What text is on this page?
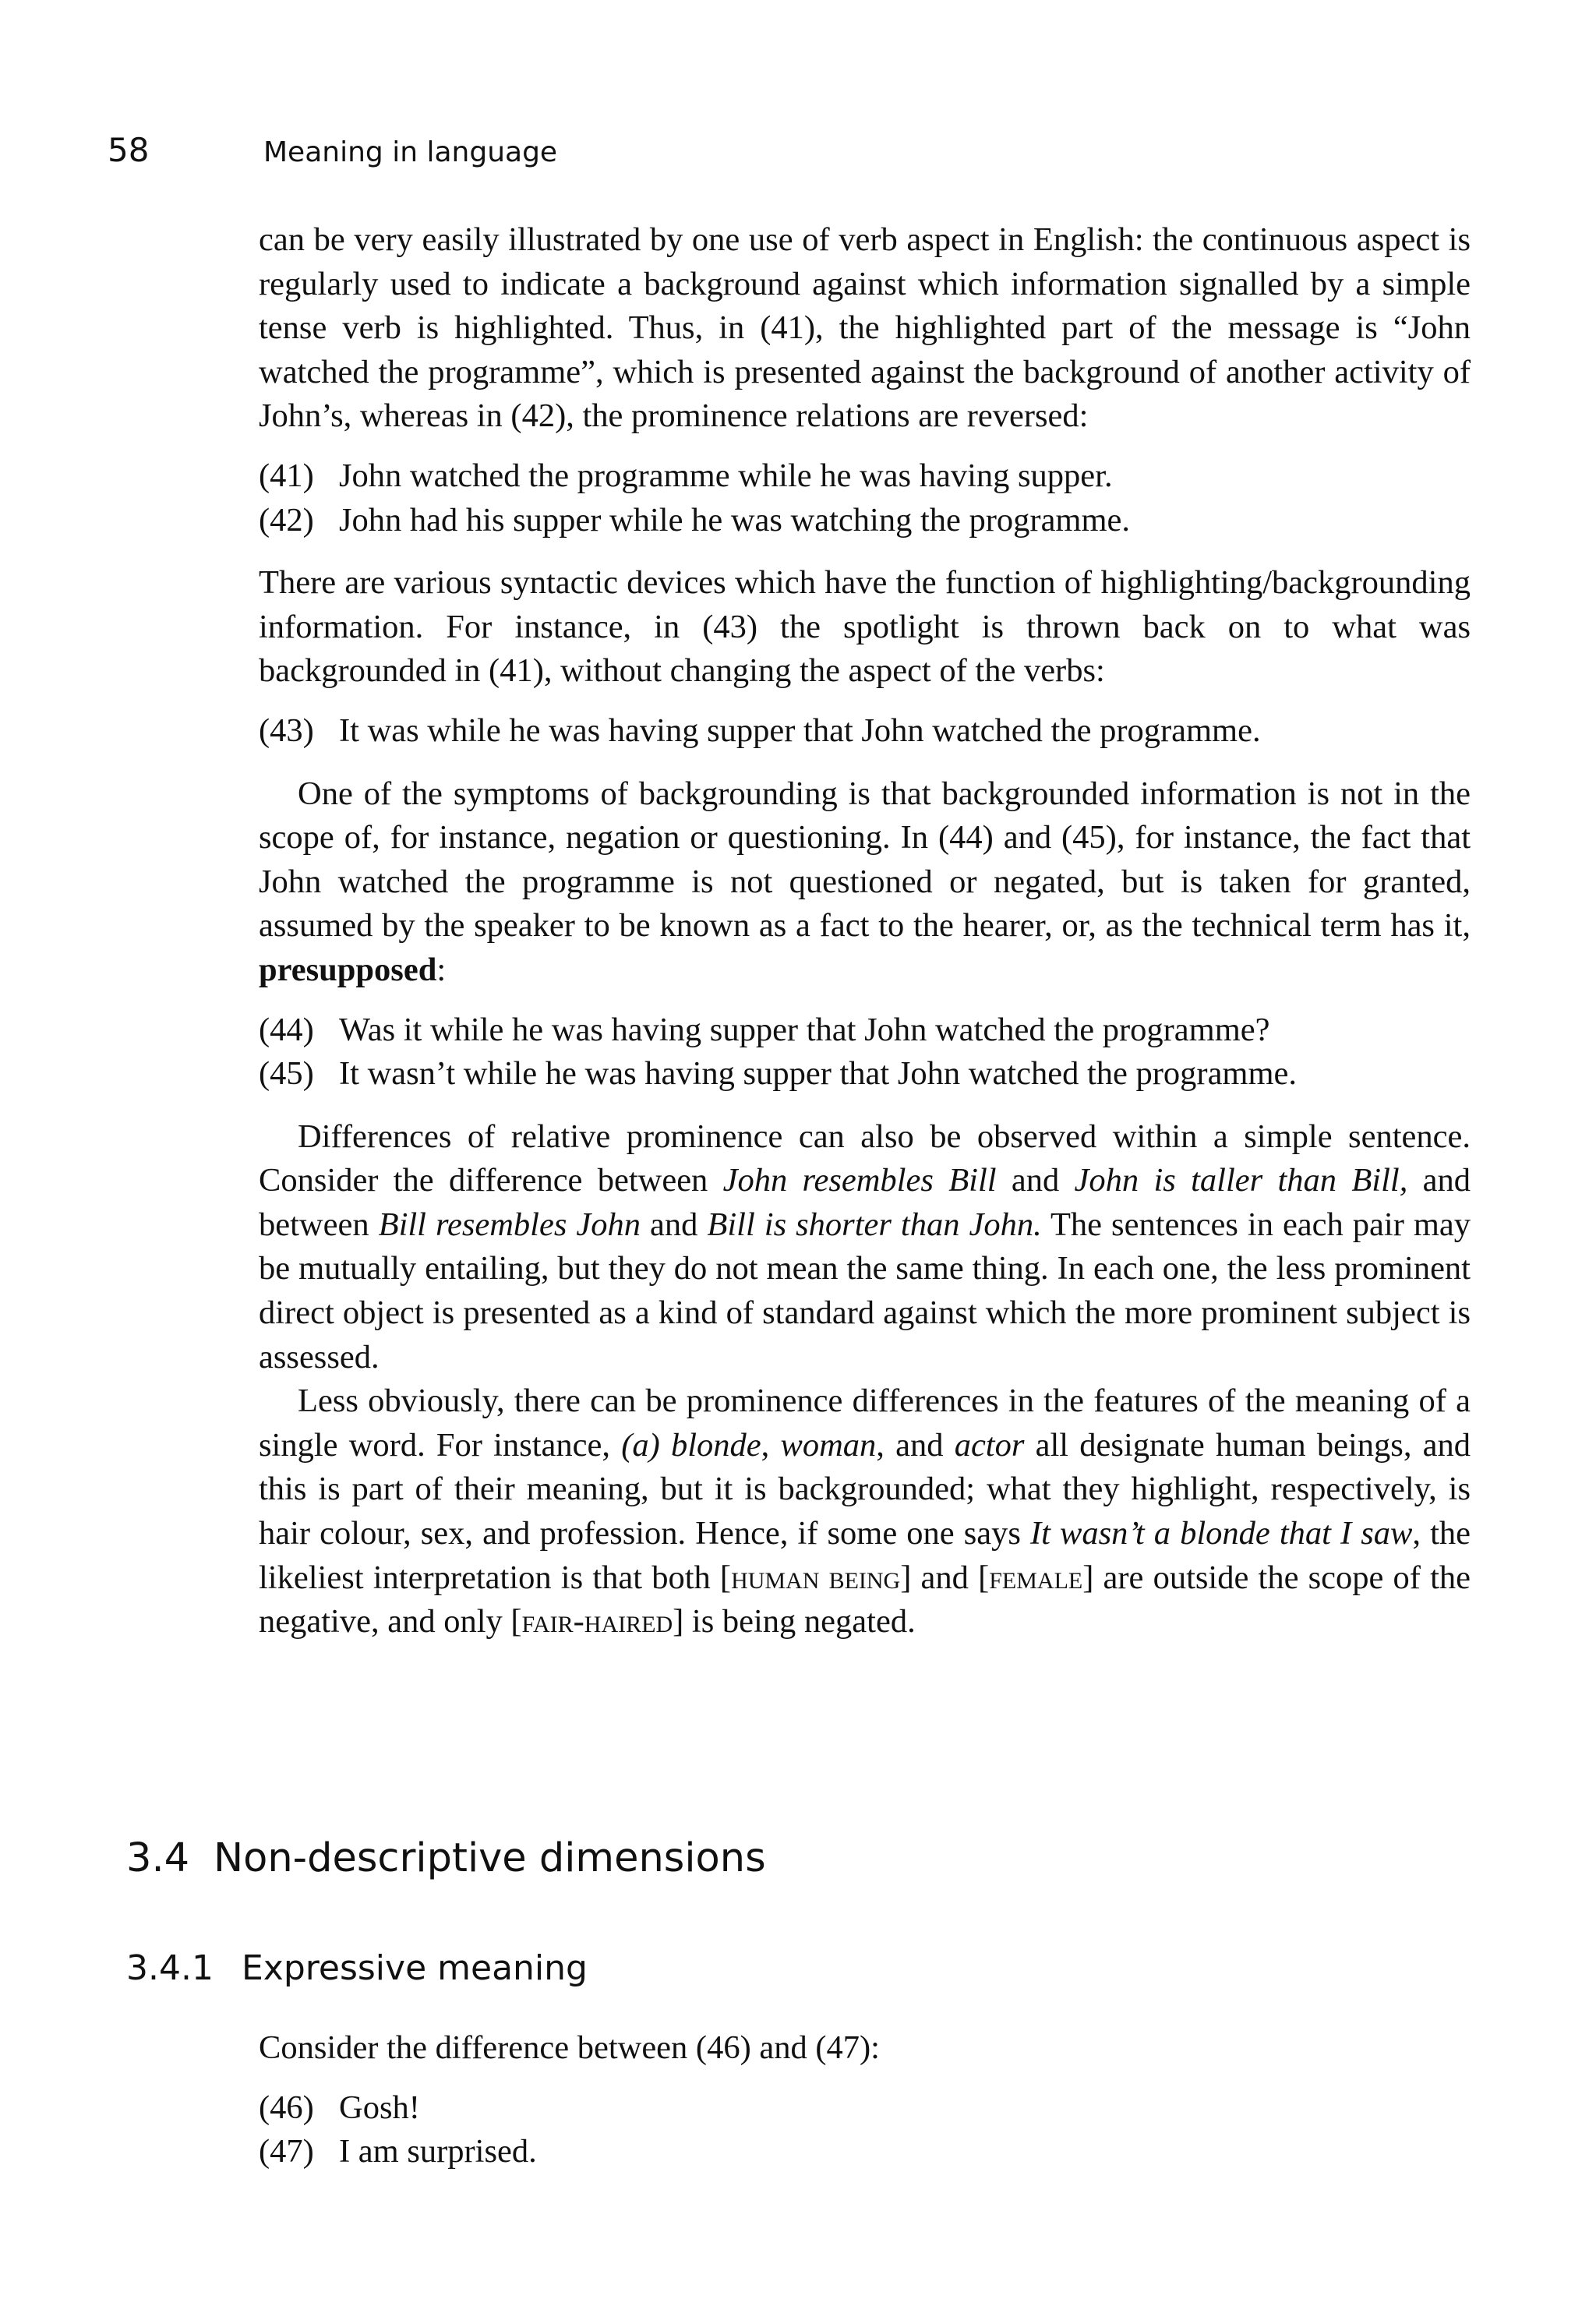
58	Meaning in language

can be very easily illustrated by one use of verb aspect in English: the continuous aspect is regularly used to indicate a background against which information signalled by a simple tense verb is highlighted. Thus, in (41), the highlighted part of the message is “John watched the programme”, which is presented against the background of another activity of John’s, whereas in (42), the prominence relations are reversed:

(41) John watched the programme while he was having supper.
(42) John had his supper while he was watching the programme.

There are various syntactic devices which have the function of highlighting/backgrounding information. For instance, in (43) the spotlight is thrown back on to what was backgrounded in (41), without changing the aspect of the verbs:

(43) It was while he was having supper that John watched the programme.

One of the symptoms of backgrounding is that backgrounded information is not in the scope of, for instance, negation or questioning. In (44) and (45), for instance, the fact that John watched the programme is not questioned or negated, but is taken for granted, assumed by the speaker to be known as a fact to the hearer, or, as the technical term has it, presupposed:

(44) Was it while he was having supper that John watched the programme?
(45) It wasn’t while he was having supper that John watched the programme.

Differences of relative prominence can also be observed within a simple sentence. Consider the difference between John resembles Bill and John is taller than Bill, and between Bill resembles John and Bill is shorter than John. The sentences in each pair may be mutually entailing, but they do not mean the same thing. In each one, the less prominent direct object is presented as a kind of standard against which the more prominent subject is assessed.

Less obviously, there can be prominence differences in the features of the meaning of a single word. For instance, (a) blonde, woman, and actor all designate human beings, and this is part of their meaning, but it is backgrounded; what they highlight, respectively, is hair colour, sex, and profession. Hence, if some one says It wasn’t a blonde that I saw, the likeliest interpretation is that both [human being] and [female] are outside the scope of the negative, and only [fair-haired] is being negated.

3.4 Non-descriptive dimensions
3.4.1 Expressive meaning

Consider the difference between (46) and (47):

(46) Gosh!
(47) I am surprised.
